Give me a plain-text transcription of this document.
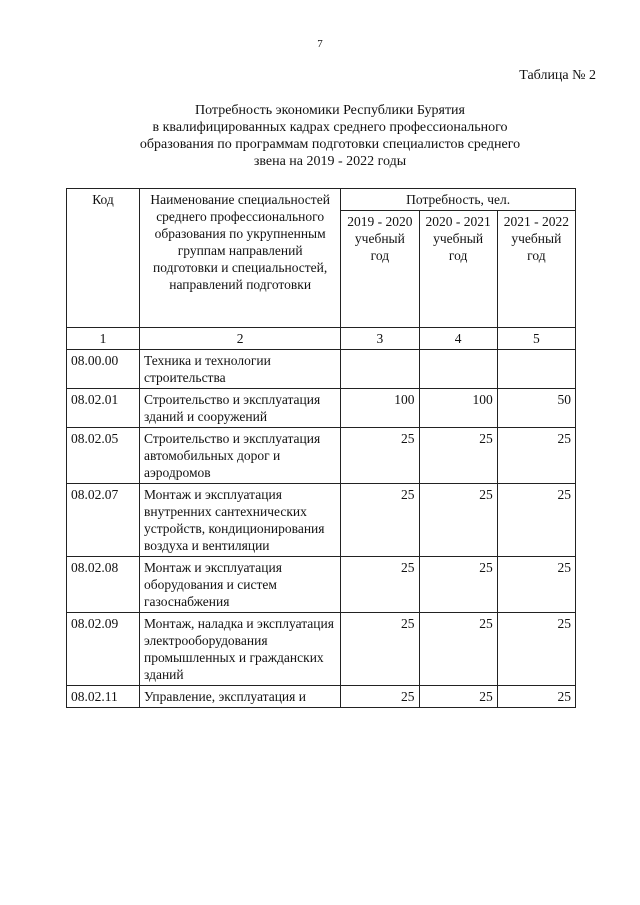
7
Таблица № 2
Потребность экономики Республики Бурятия
в квалифицированных кадрах среднего профессионального
образования по программам подготовки специалистов среднего
звена на 2019 - 2022 годы
Код	Наименование специальностей среднего профессионального образования по укрупненным группам направлений подготовки и специальностей, направлений подготовки	Потребность, чел.		
		2019 - 2020 учебный год	2020 - 2021 учебный год	2021 - 2022 учебный год
1	2	3	4	5
08.00.00	Техника и технологии строительства			
08.02.01	Строительство и эксплуатация зданий и сооружений	100	100	50
08.02.05	Строительство и эксплуатация автомобильных дорог и аэродромов	25	25	25
08.02.07	Монтаж и эксплуатация внутренних сантехнических устройств, кондиционирования воздуха и вентиляции	25	25	25
08.02.08	Монтаж и эксплуатация оборудования и систем газоснабжения	25	25	25
08.02.09	Монтаж, наладка и эксплуатация электрооборудования промышленных и гражданских зданий	25	25	25
08.02.11	Управление, эксплуатация и	25	25	25
